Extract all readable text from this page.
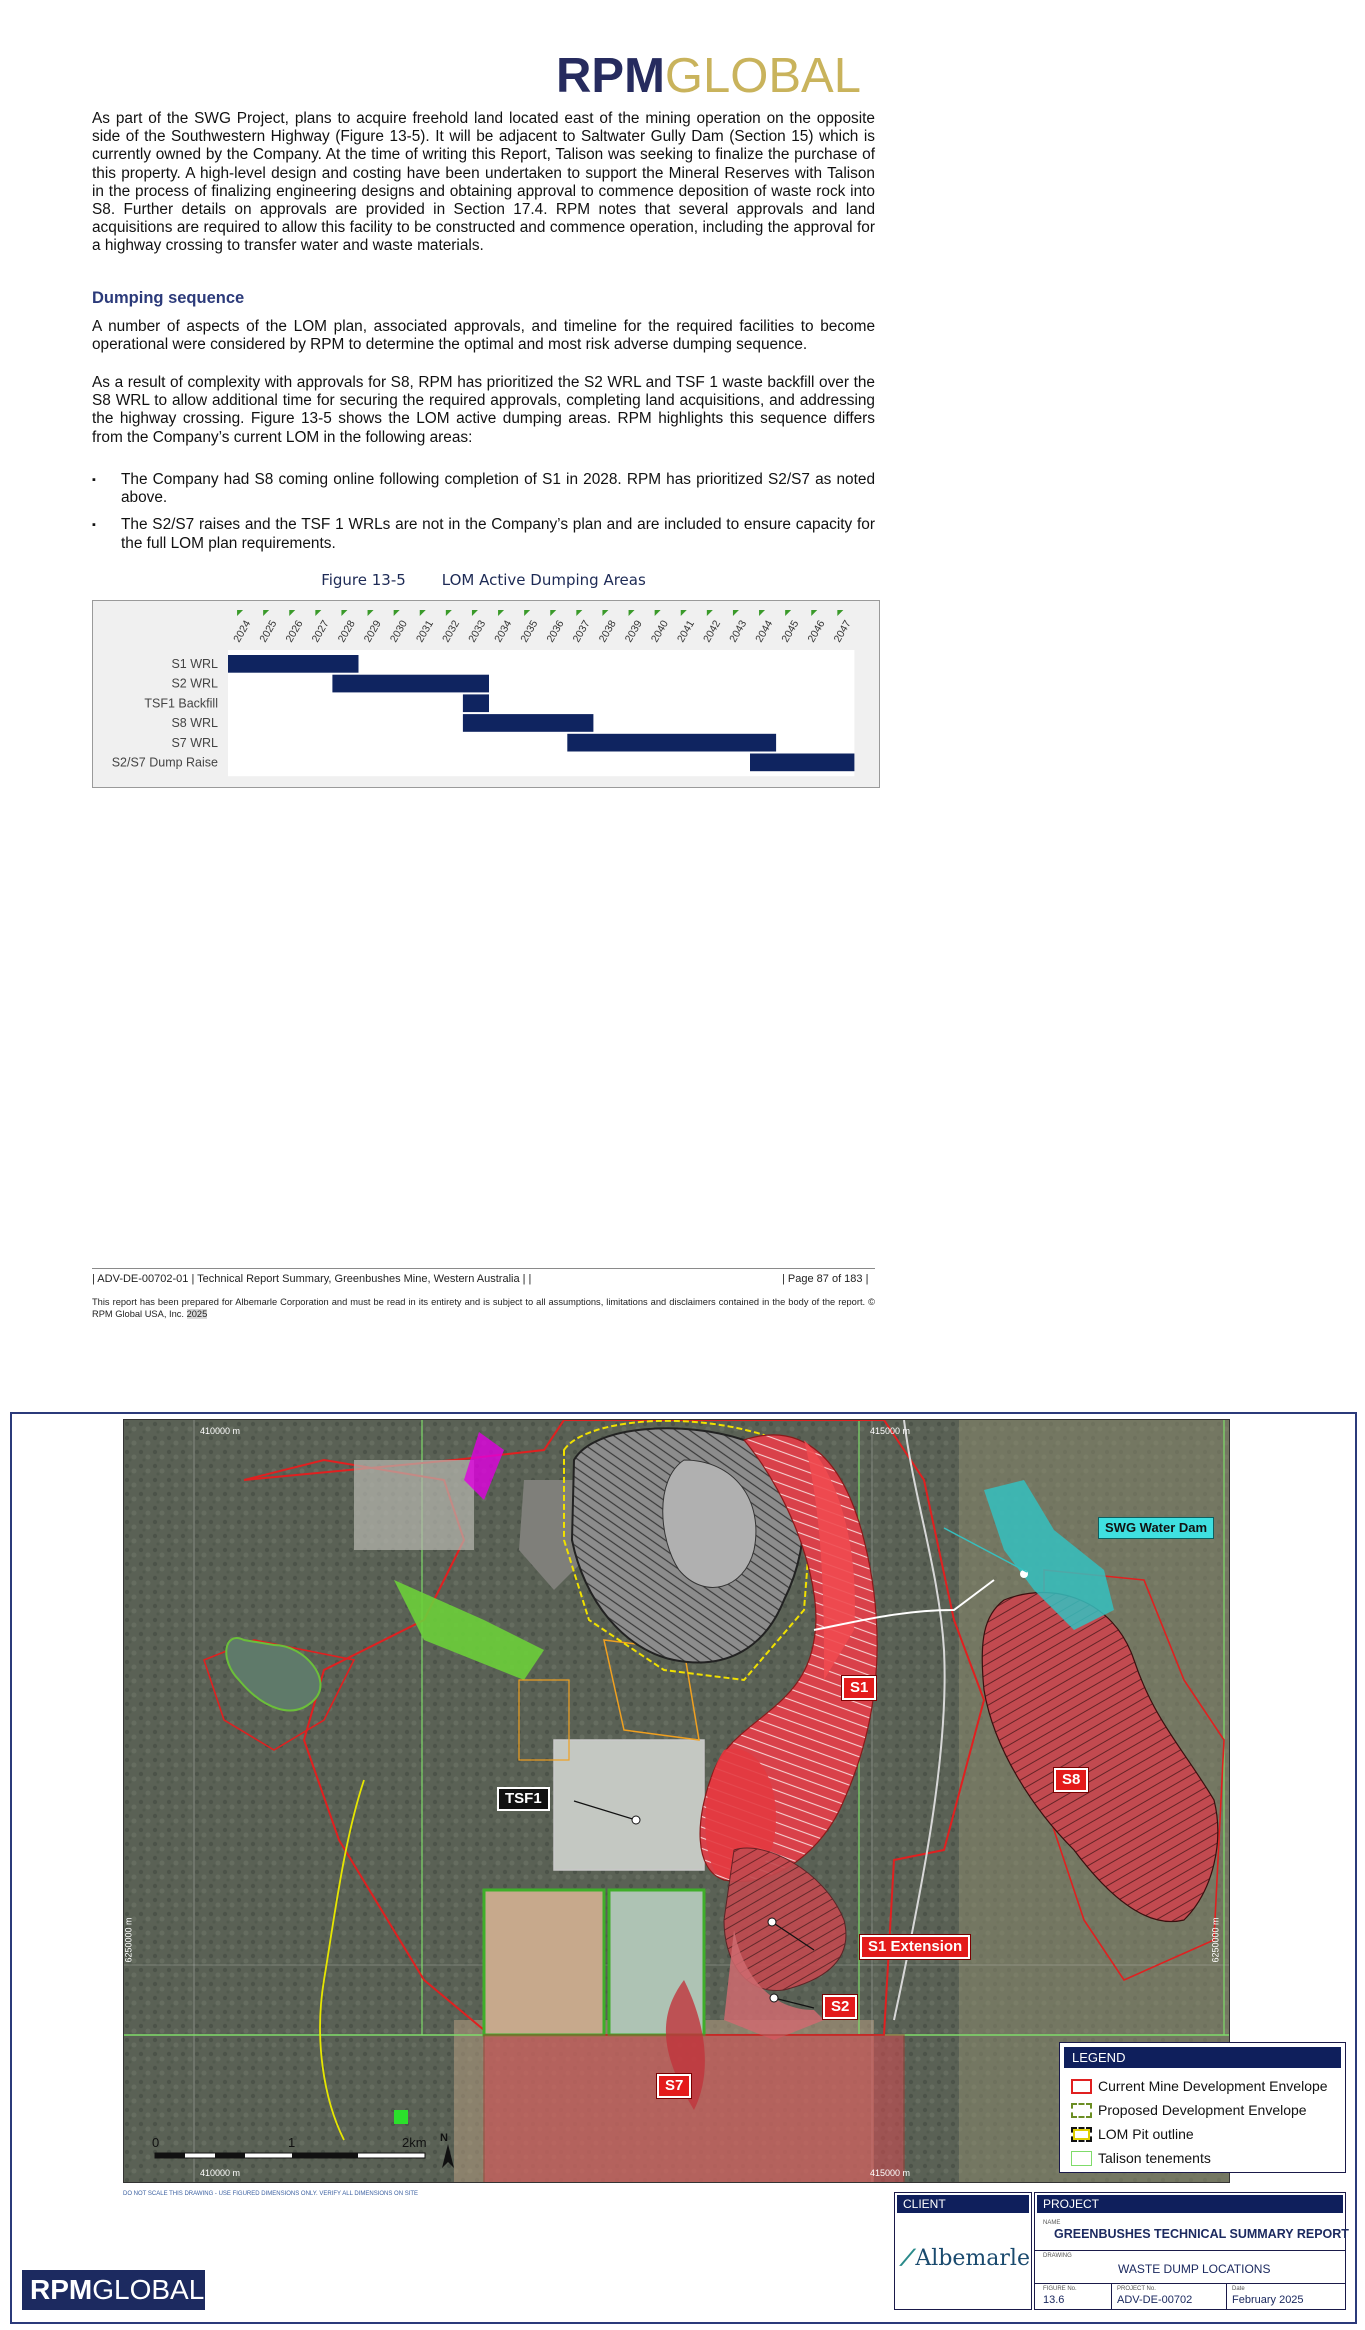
RPMGLOBAL

As part of the SWG Project, plans to acquire freehold land located east of the mining operation on the opposite side of the Southwestern Highway (Figure 13-5). It will be adjacent to Saltwater Gully Dam (Section 15) which is currently owned by the Company. At the time of writing this Report, Talison was seeking to finalize the purchase of this property. A high-level design and costing have been undertaken to support the Mineral Reserves with Talison in the process of finalizing engineering designs and obtaining approval to commence deposition of waste rock into S8. Further details on approvals are provided in Section 17.4. RPM notes that several approvals and land acquisitions are required to allow this facility to be constructed and commence operation, including the approval for a highway crossing to transfer water and waste materials.

Dumping sequence

A number of aspects of the LOM plan, associated approvals, and timeline for the required facilities to become operational were considered by RPM to determine the optimal and most risk adverse dumping sequence.

As a result of complexity with approvals for S8, RPM has prioritized the S2 WRL and TSF 1 waste backfill over the S8 WRL to allow additional time for securing the required approvals, completing land acquisitions, and addressing the highway crossing. Figure 13-5 shows the LOM active dumping areas. RPM highlights this sequence differs from the Company’s current LOM in the following areas:

▪ The Company had S8 coming online following completion of S1 in 2028. RPM has prioritized S2/S7 as noted above.
▪ The S2/S7 raises and the TSF 1 WRLs are not in the Company’s plan and are included to ensure capacity for the full LOM plan requirements.
Figure 13-5 LOM Active Dumping Areas
2024 2025 2026 2027 2028 2029 2030 2031 2032 2033 2034 2035 2036 2037 2038 2039 2040 2041 2042 2043 2044 2045 2046 2047
S1 WRL
S2 WRL
TSF1 Backfill
S8 WRL
S7 WRL
S2/S7 Dump Raise
| ADV-DE-00702-01 | Technical Report Summary, Greenbushes Mine, Western Australia | |	| Page 87 of 183 |
This report has been prepared for Albemarle Corporation and must be read in its entirety and is subject to all assumptions, limitations and disclaimers contained in the body of the report. © RPM Global USA, Inc. 2025
SWG Water Dam
S1
S8
TSF1
S1 Extension
S2
S7
410000 m	415000 m
410000 m	415000 m
6250000 m	6250000 m
0	1	2km N
DO NOT SCALE THIS DRAWING - USE FIGURED DIMENSIONS ONLY. VERIFY ALL DIMENSIONS ON SITE
LEGEND
Current Mine Development Envelope
Proposed Development Envelope
LOM Pit outline
Talison tenements
RPMGLOBAL
CLIENT
⟋Albemarle
PROJECT
NAME
GREENBUSHES TECHNICAL SUMMARY REPORT
DRAWING
WASTE DUMP LOCATIONS
FIGURE No.
13.6
PROJECT No.
ADV-DE-00702
Date
February 2025
